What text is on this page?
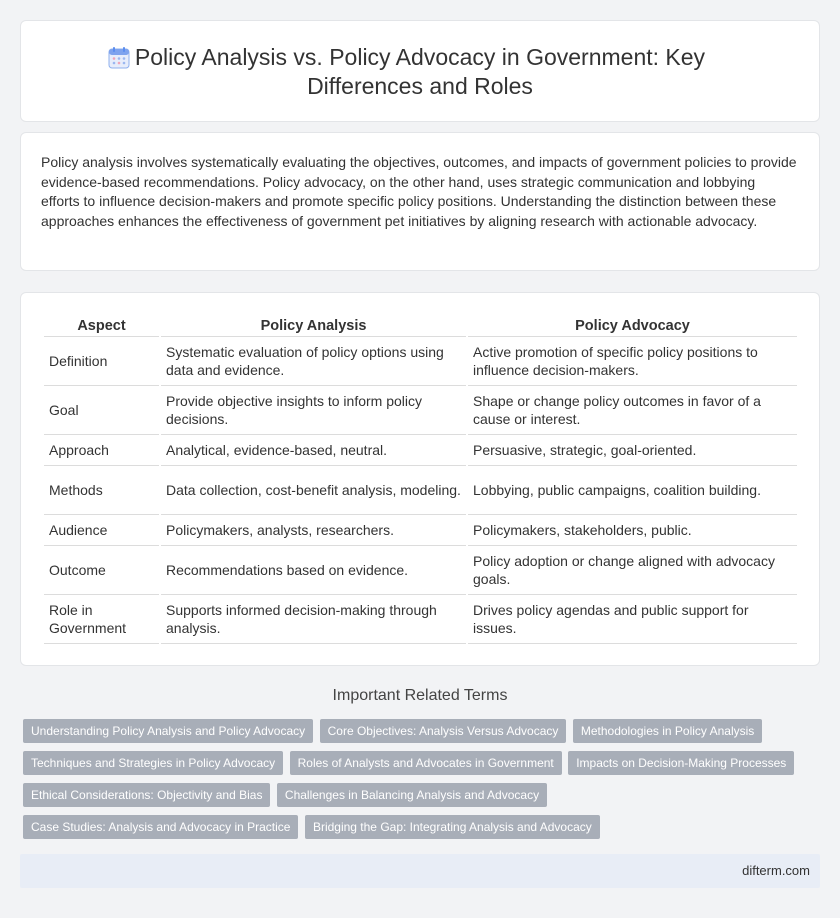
Policy Analysis vs. Policy Advocacy in Government: Key
Differences and Roles

Policy analysis involves systematically evaluating the objectives, outcomes, and impacts of government policies to provide evidence-based recommendations. Policy advocacy, on the other hand, uses strategic communication and lobbying efforts to influence decision-makers and promote specific policy positions. Understanding the distinction between these approaches enhances the effectiveness of government pet initiatives by aligning research with actionable advocacy.

Aspect	Policy Analysis	Policy Advocacy
Definition	Systematic evaluation of policy options using data and evidence.	Active promotion of specific policy positions to influence decision-makers.
Goal	Provide objective insights to inform policy decisions.	Shape or change policy outcomes in favor of a cause or interest.
Approach	Analytical, evidence-based, neutral.	Persuasive, strategic, goal-oriented.
Methods	Data collection, cost-benefit analysis, modeling.	Lobbying, public campaigns, coalition building.
Audience	Policymakers, analysts, researchers.	Policymakers, stakeholders, public.
Outcome	Recommendations based on evidence.	Policy adoption or change aligned with advocacy goals.
Role in Government	Supports informed decision-making through analysis.	Drives policy agendas and public support for issues.
Important Related Terms
Understanding Policy Analysis and Policy Advocacy Core Objectives: Analysis Versus Advocacy Methodologies in Policy Analysis Techniques and Strategies in Policy Advocacy Roles of Analysts and Advocates in Government Impacts on Decision-Making Processes Ethical Considerations: Objectivity and Bias Challenges in Balancing Analysis and Advocacy Case Studies: Analysis and Advocacy in Practice Bridging the Gap: Integrating Analysis and Advocacy
difterm.com
